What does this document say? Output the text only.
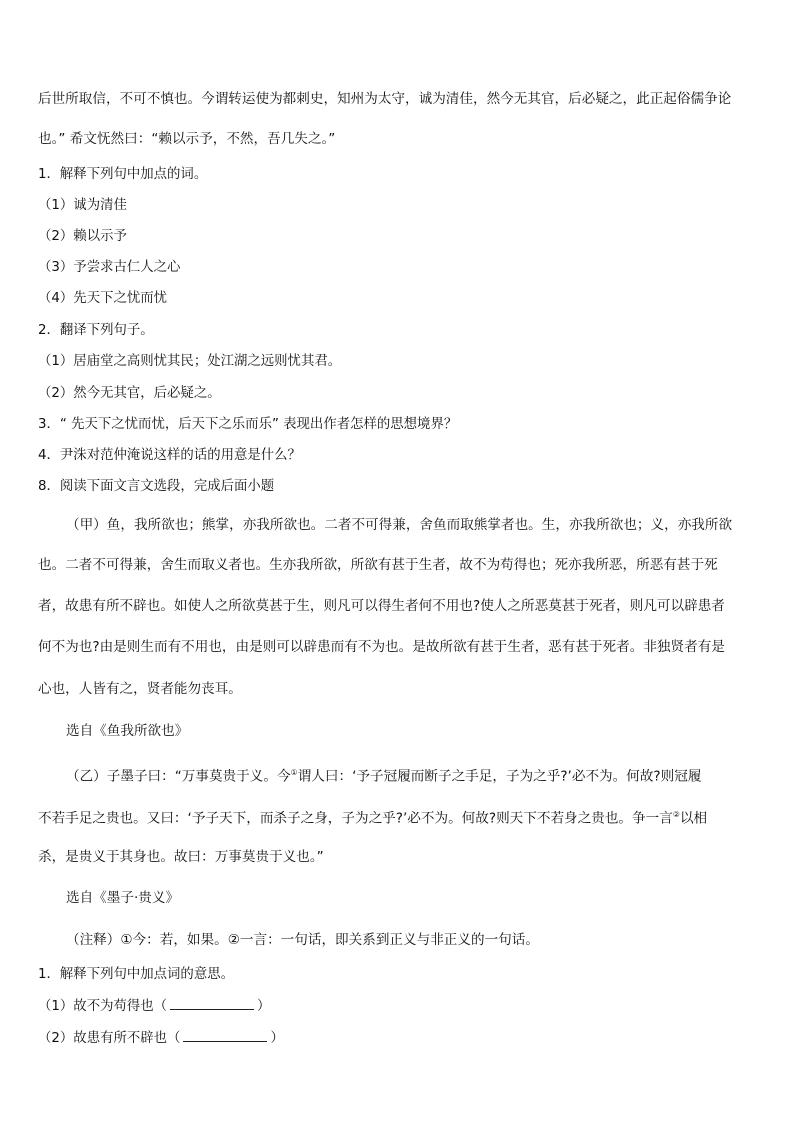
后世所取信，不可不慎也。今谓转运使为都刺史，知州为太守，诚为清佳，然今无其官，后必疑之，此正起俗儒争论
也。” 希文怃然曰：“赖以示予，不然，吾几失之。”
1．解释下列句中加点的词。
（1）诚为清佳
（2）赖以示予
（3）予尝求古仁人之心
（4）先天下之忧而忧
2．翻译下列句子。
（1）居庙堂之高则忧其民；处江湖之远则忧其君。
（2）然今无其官，后必疑之。
3．“ 先天下之忧而忧，后天下之乐而乐” 表现出作者怎样的思想境界？
4．尹洙对范仲淹说这样的话的用意是什么？
8．阅读下面文言文选段，完成后面小题
（甲）鱼，我所欲也；熊掌，亦我所欲也。二者不可得兼，舍鱼而取熊掌者也。生，亦我所欲也；义，亦我所欲
也。二者不可得兼，舍生而取义者也。生亦我所欲，所欲有甚于生者，故不为苟得也；死亦我所恶，所恶有甚于死
者，故患有所不辟也。如使人之所欲莫甚于生，则凡可以得生者何不用也?使人之所恶莫甚于死者，则凡可以辟患者
何不为也?由是则生而有不用也，由是则可以辟患而有不为也。是故所欲有甚于生者，恶有甚于死者。非独贤者有是
心也，人皆有之，贤者能勿丧耳。
选自《鱼我所欲也》
（乙）子墨子曰：“万事莫贵于义。今①谓人曰：‘予子冠履而断子之手足，子为之乎?’必不为。何故?则冠履
不若手足之贵也。又曰：‘予子天下，而杀子之身，子为之乎?’必不为。何故?则天下不若身之贵也。争一言②以相
杀，是贵义于其身也。故曰：万事莫贵于义也。”
选自《墨子·贵义》
（注释）①今：若，如果。②一言：一句话，即关系到正义与非正义的一句话。
1．解释下列句中加点词的意思。
（1）故不为苟得也（	）
（2）故患有所不辟也（	）
